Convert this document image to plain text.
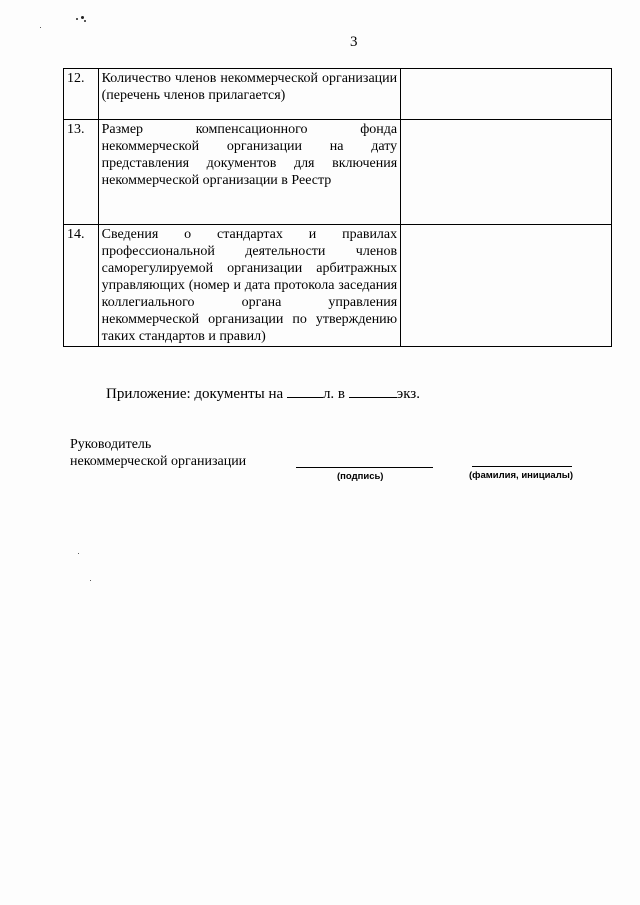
3
12.	Количество членов некоммерческой организации (перечень членов прилагается)	
13.	Размер компенсационного фонда некоммерческой организации на дату представления документов для включения некоммерческой организации в Реестр	
14.	Сведения о стандартах и правилах профессиональной деятельности членов саморегулируемой организации арбитражных управляющих (номер и дата протокола заседания коллегиального органа управления некоммерческой организации по утверждению таких стандартов и правил)	
Приложение: документы на л. в	экз.
Руководитель
некоммерческой организации
(подпись)	(фамилия, инициалы)
